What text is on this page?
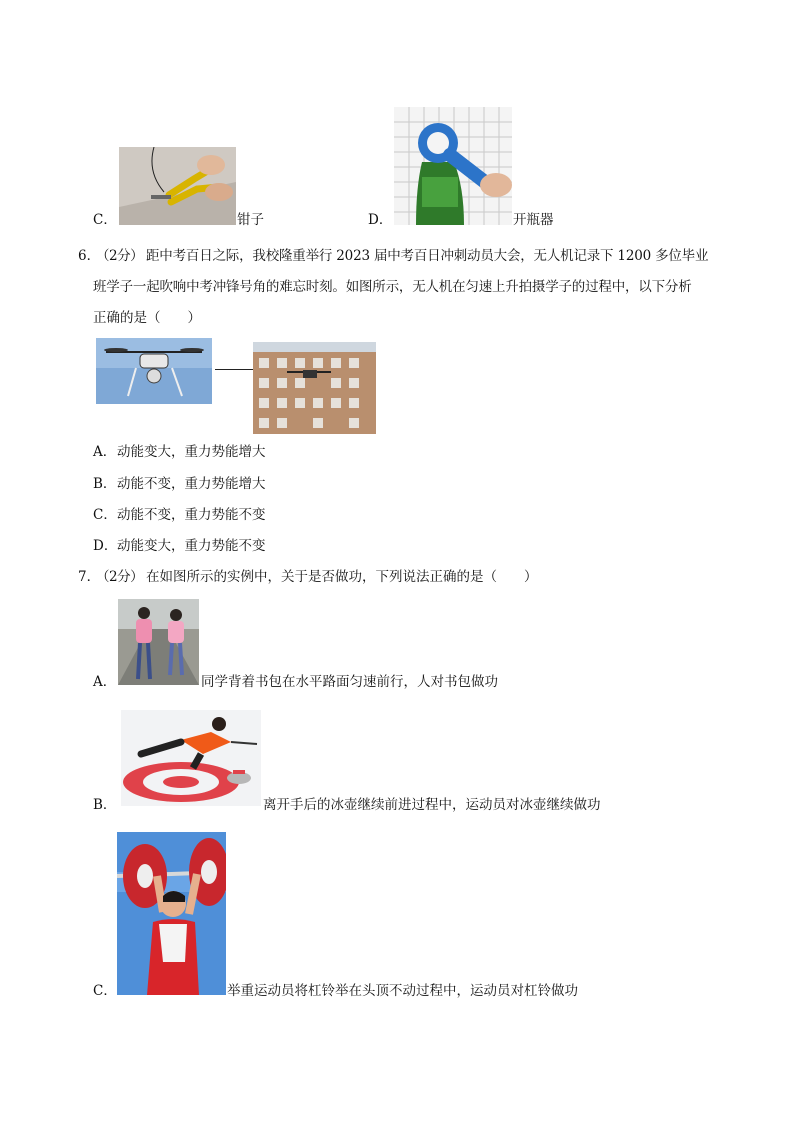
C．	钳子	D．	开瓶器
6．
（2分） 距中考百日之际，我校隆重举行 2023 届中考百日冲刺动员大会，无人机记录下 1200 多位毕业
班学子一起吹响中考冲锋号角的难忘时刻。如图所示，无人机在匀速上升拍摄学子的过程中，以下分析
正确的是（　　）
A． 动能变大，重力势能增大
B． 动能不变，重力势能增大
C． 动能不变，重力势能不变
D． 动能变大，重力势能不变
7．
（2分） 在如图所示的实例中，关于是否做功，下列说法正确的是（　　）
A．	同学背着书包在水平路面匀速前行，人对书包做功
B．	离开手后的冰壶继续前进过程中，运动员对冰壶继续做功
C．	举重运动员将杠铃举在头顶不动过程中，运动员对杠铃做功
